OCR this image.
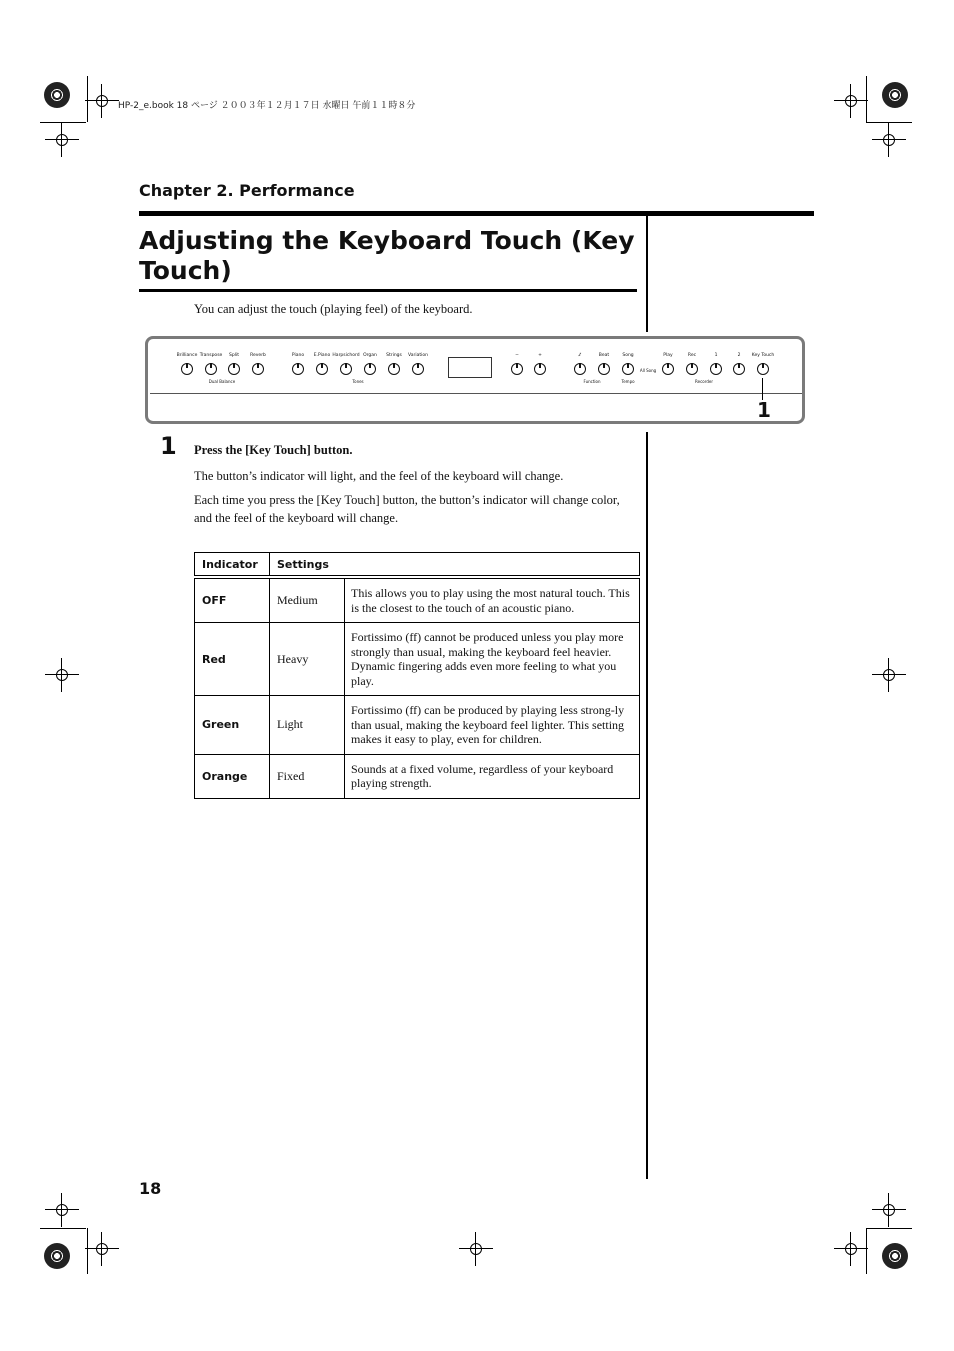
HP-2_e.book 18 ページ ２００３年１２月１７日 水曜日 午前１１時８分
Chapter 2. Performance
Adjusting the Keyboard Touch (Key Touch)
You can adjust the touch (playing feel) of the keyboard.
Brilliance Transpose Split Reverb	Piano E.Piano Harpsichord Organ Strings Variation	−	+	♪̸	Beat	Song	Play	Rec	1	2	Key Touch
Dual Balance	Tones	Function	Tempo
All Song
Recorder
1
1 Press the [Key Touch] button.
The button’s indicator will light, and the feel of the keyboard will change.
Each time you press the [Key Touch] button, the button’s indicator will change color, and the feel of the keyboard will change.
Indicator	Settings	

OFF	Medium	This allows you to play using the most natural touch. This is the closest to the touch of an acoustic piano.
Red	Heavy	Fortissimo (ff) cannot be produced unless you play more strongly than usual, making the keyboard feel heavier. Dynamic fingering adds even more feeling to what you play.
Green	Light	Fortissimo (ff) can be produced by playing less strong-ly than usual, making the keyboard feel lighter. This setting makes it easy to play, even for children.
Orange	Fixed	Sounds at a fixed volume, regardless of your keyboard playing strength.
18
